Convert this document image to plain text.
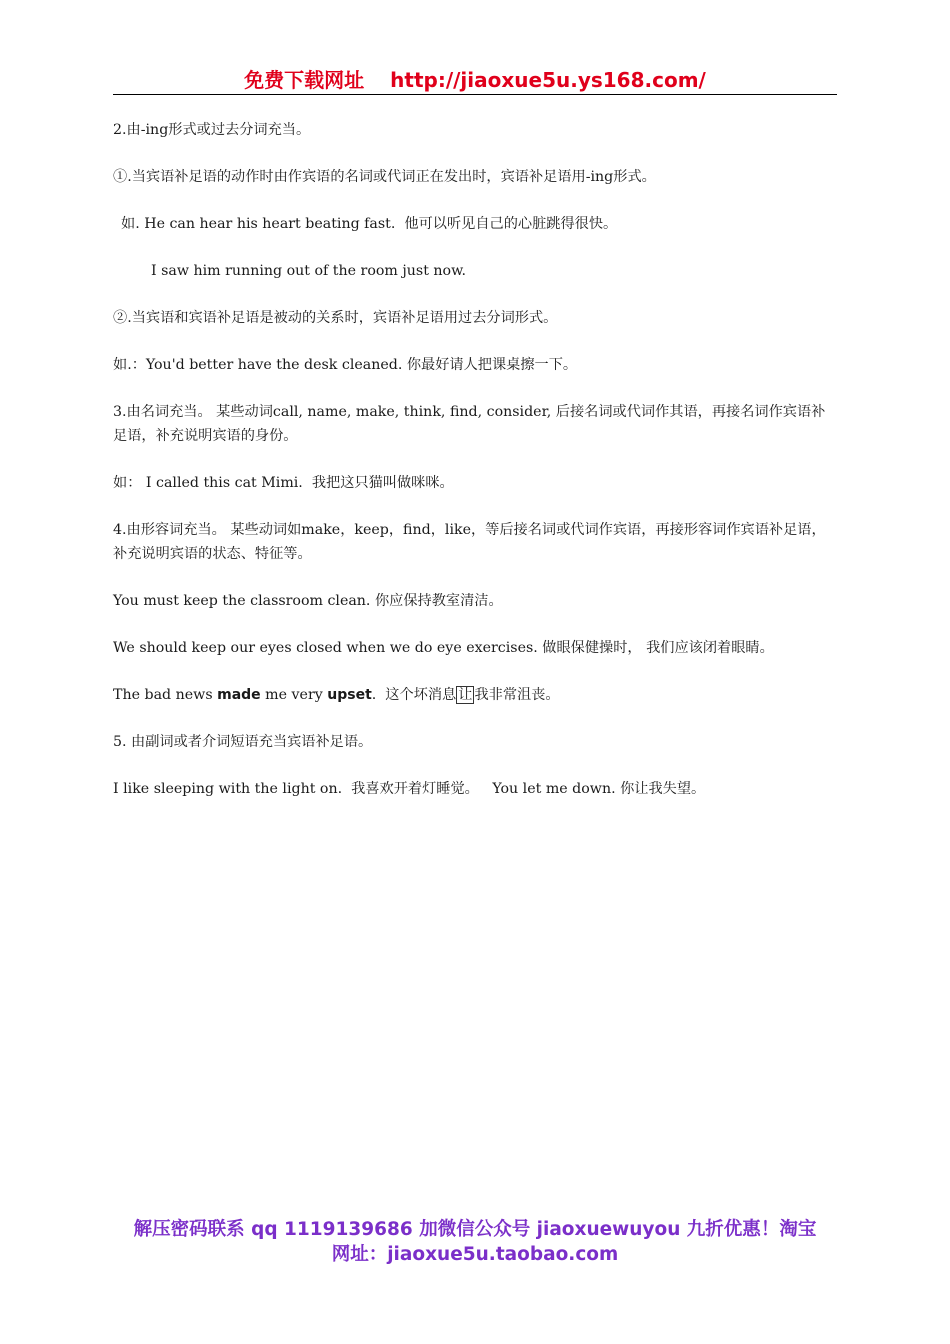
免费下载网址 http://jiaoxue5u.ys168.com/

2.由-ing形式或过去分词充当。

①.当宾语补足语的动作时由作宾语的名词或代词正在发出时，宾语补足语用-ing形式。

如. He can hear his heart beating fast.  他可以听见自己的心脏跳得很快。

I saw him running out of the room just now.

②.当宾语和宾语补足语是被动的关系时，宾语补足语用过去分词形式。

如.：You'd better have the desk cleaned. 你最好请人把课桌擦一下。

3.由名词充当。 某些动词call, name, make, think, find, consider, 后接名词或代词作其语，再接名词作宾语补足语，补充说明宾语的身份。

如： I called this cat Mimi.  我把这只猫叫做咪咪。

4.由形容词充当。 某些动词如make，keep，find，like，等后接名词或代词作宾语，再接形容词作宾语补足语，补充说明宾语的状态、特征等。

You must keep the classroom clean. 你应保持教室清洁。

We should keep our eyes closed when we do eye exercises. 做眼保健操时， 我们应该闭着眼睛。

The bad news made me very upset.  这个坏消息 让 我非常沮丧。

5. 由副词或者介词短语充当宾语补足语。

I like sleeping with the light on.  我喜欢开着灯睡觉。   You let me down. 你让我失望。

解压密码联系 qq 1119139686 加微信公众号 jiaoxuewuyou 九折优惠！淘宝
网址：jiaoxue5u.taobao.com
